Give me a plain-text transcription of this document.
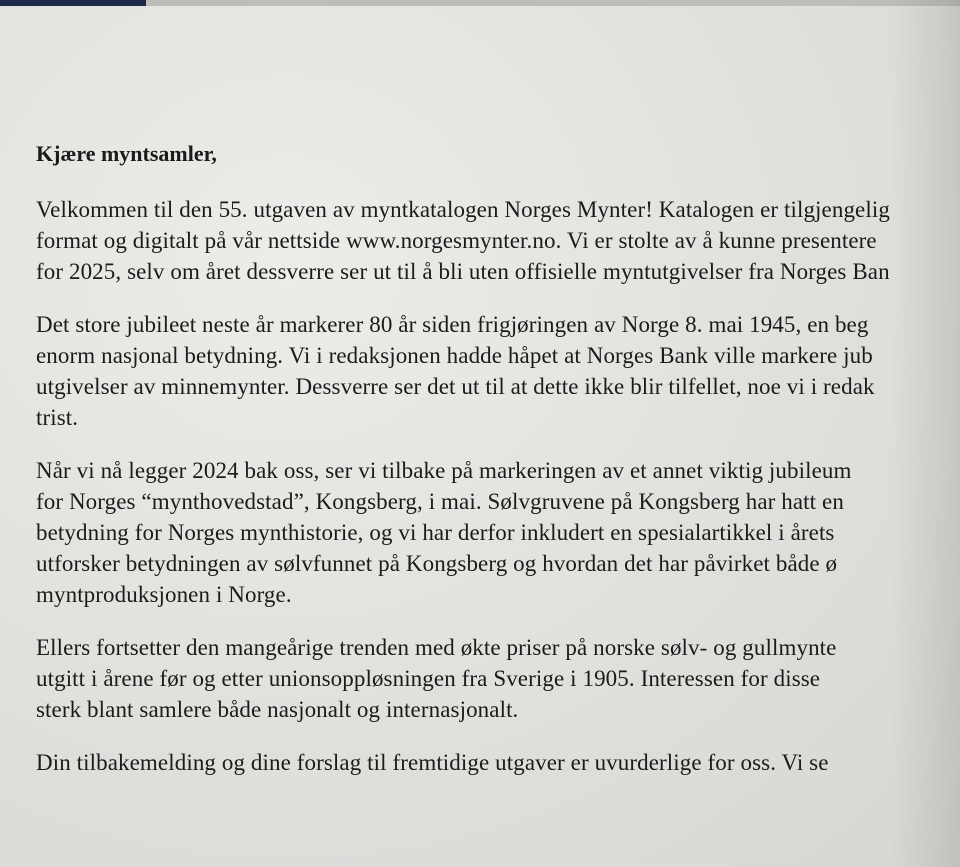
Kjære myntsamler,
Velkommen til den 55. utgaven av myntkatalogen Norges Mynter! Katalogen er tilgjengelig
format og digitalt på vår nettside www.norgesmynter.no. Vi er stolte av å kunne presentere
for 2025, selv om året dessverre ser ut til å bli uten offisielle myntutgivelser fra Norges Ban
Det store jubileet neste år markerer 80 år siden frigjøringen av Norge 8. mai 1945, en beg
enorm nasjonal betydning. Vi i redaksjonen hadde håpet at Norges Bank ville markere jub
utgivelser av minnemynter. Dessverre ser det ut til at dette ikke blir tilfellet, noe vi i redak
trist.
Når vi nå legger 2024 bak oss, ser vi tilbake på markeringen av et annet viktig jubileum
for Norges “mynthovedstad”, Kongsberg, i mai. Sølvgruvene på Kongsberg har hatt en
betydning for Norges mynthistorie, og vi har derfor inkludert en spesialartikkel i årets
utforsker betydningen av sølvfunnet på Kongsberg og hvordan det har påvirket både ø
myntproduksjonen i Norge.
Ellers fortsetter den mangeårige trenden med økte priser på norske sølv- og gullmynte
utgitt i årene før og etter unionsoppløsningen fra Sverige i 1905. Interessen for disse
sterk blant samlere både nasjonalt og internasjonalt.
Din tilbakemelding og dine forslag til fremtidige utgaver er uvurderlige for oss. Vi se
